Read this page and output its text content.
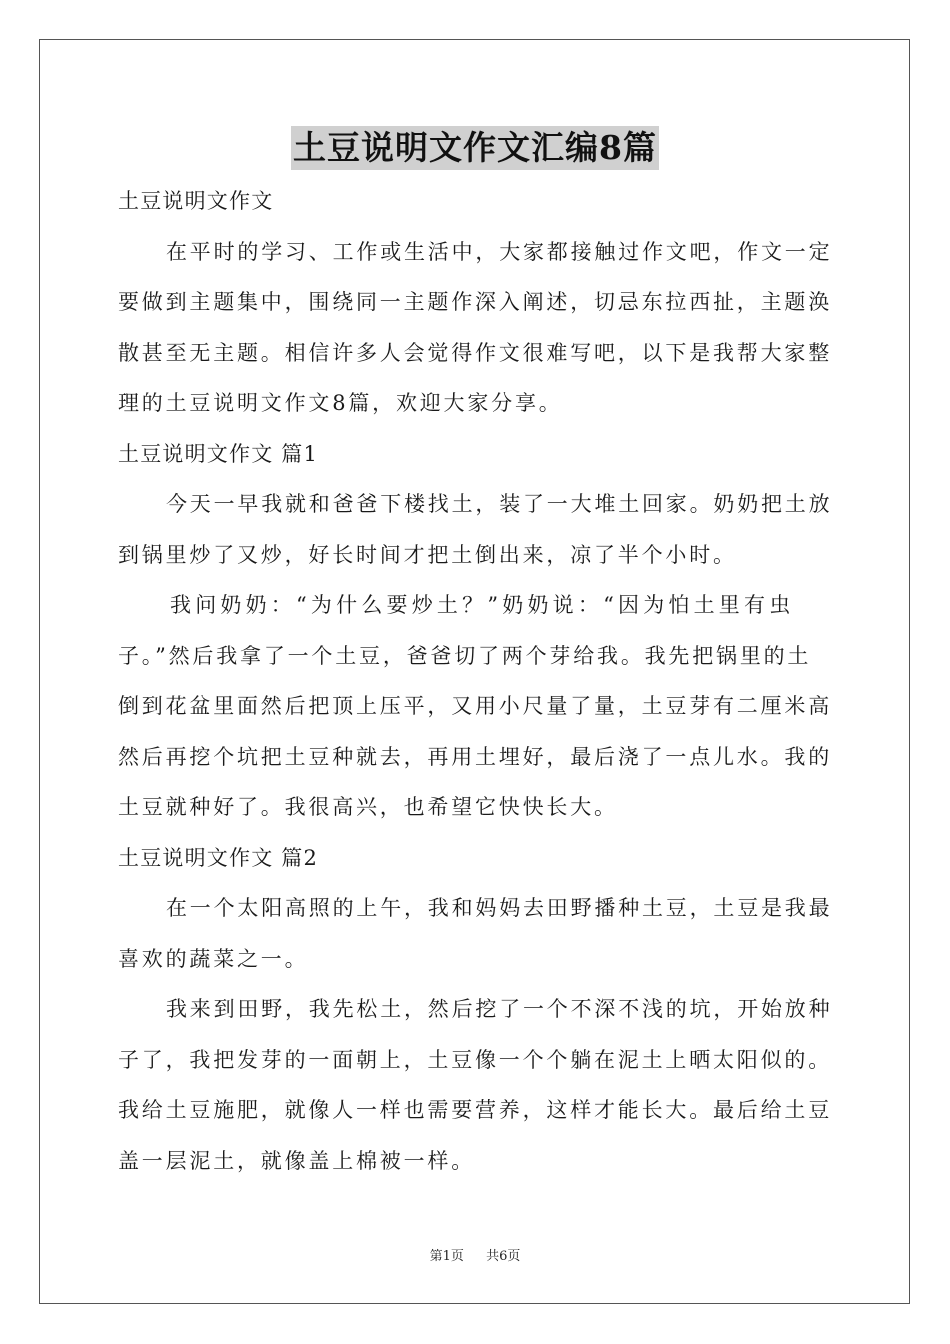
土豆说明文作文汇编8篇
土豆说明文作文
在平时的学习、工作或生活中，大家都接触过作文吧，作文一定
要做到主题集中，围绕同一主题作深入阐述，切忌东拉西扯，主题涣
散甚至无主题。相信许多人会觉得作文很难写吧，以下是我帮大家整
理的土豆说明文作文8篇，欢迎大家分享。
土豆说明文作文 篇1
今天一早我就和爸爸下楼找土，装了一大堆土回家。奶奶把土放
到锅里炒了又炒，好长时间才把土倒出来，凉了半个小时。
我问奶奶：“为什么要炒土？”奶奶说：“因为怕土里有虫
子。”然后我拿了一个土豆，爸爸切了两个芽给我。我先把锅里的土
倒到花盆里面然后把顶上压平，又用小尺量了量，土豆芽有二厘米高
然后再挖个坑把土豆种就去，再用土埋好，最后浇了一点儿水。我的
土豆就种好了。我很高兴，也希望它快快长大。
土豆说明文作文 篇2
在一个太阳高照的上午，我和妈妈去田野播种土豆，土豆是我最
喜欢的蔬菜之一。
我来到田野，我先松土，然后挖了一个不深不浅的坑，开始放种
子了，我把发芽的一面朝上，土豆像一个个躺在泥土上晒太阳似的。
我给土豆施肥，就像人一样也需要营养，这样才能长大。最后给土豆
盖一层泥土，就像盖上棉被一样。
第1页 共6页
